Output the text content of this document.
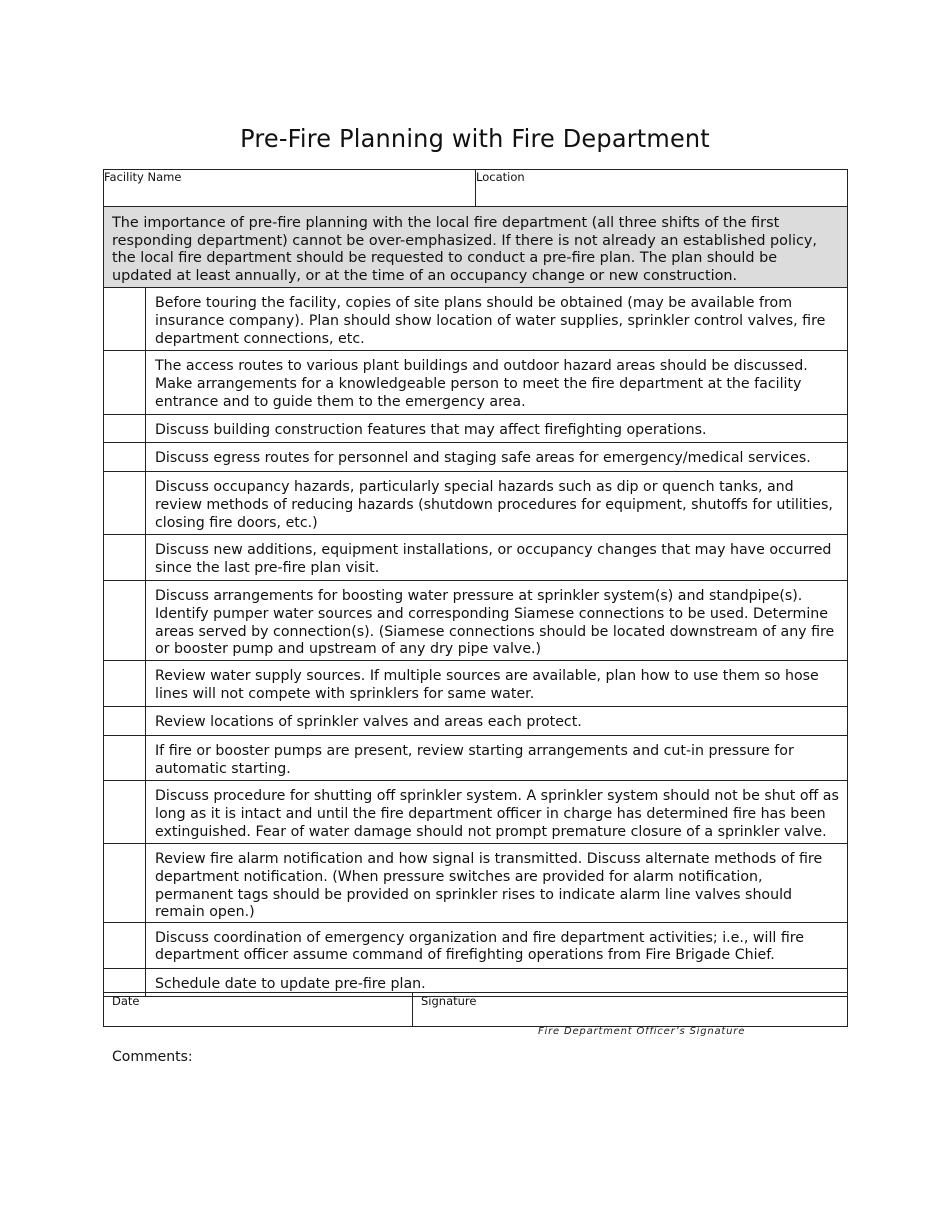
Pre-Fire Planning with Fire Department
Facility Name		Location
The importance of pre-fire planning with the local fire department (all three shifts of the first responding department) cannot be over-emphasized. If there is not already an established policy, the local fire department should be requested to conduct a pre-fire plan. The plan should be updated at least annually, or at the time of an occupancy change or new construction.		
	Before touring the facility, copies of site plans should be obtained (may be available from insurance company). Plan should show location of water supplies, sprinkler control valves, fire department connections, etc.	
	The access routes to various plant buildings and outdoor hazard areas should be discussed. Make arrangements for a knowledgeable person to meet the fire department at the facility entrance and to guide them to the emergency area.	
	Discuss building construction features that may affect firefighting operations.	
	Discuss egress routes for personnel and staging safe areas for emergency/medical services.	
	Discuss occupancy hazards, particularly special hazards such as dip or quench tanks, and review methods of reducing hazards (shutdown procedures for equipment, shutoffs for utilities, closing fire doors, etc.)	
	Discuss new additions, equipment installations, or occupancy changes that may have occurred since the last pre-fire plan visit.	
	Discuss arrangements for boosting water pressure at sprinkler system(s) and standpipe(s). Identify pumper water sources and corresponding Siamese connections to be used. Determine areas served by connection(s). (Siamese connections should be located downstream of any fire or booster pump and upstream of any dry pipe valve.)	
	Review water supply sources. If multiple sources are available, plan how to use them so hose lines will not compete with sprinklers for same water.	
	Review locations of sprinkler valves and areas each protect.	
	If fire or booster pumps are present, review starting arrangements and cut-in pressure for automatic starting.	
	Discuss procedure for shutting off sprinkler system. A sprinkler system should not be shut off as long as it is intact and until the fire department officer in charge has determined fire has been extinguished. Fear of water damage should not prompt premature closure of a sprinkler valve.	
	Review fire alarm notification and how signal is transmitted. Discuss alternate methods of fire department notification. (When pressure switches are provided for alarm notification, permanent tags should be provided on sprinkler rises to indicate alarm line valves should remain open.)	
	Discuss coordination of emergency organization and fire department activities; i.e., will fire department officer assume command of firefighting operations from Fire Brigade Chief.	
	Schedule date to update pre-fire plan.	
Date	Signature
Fire Department Officer’s Signature
Comments:
